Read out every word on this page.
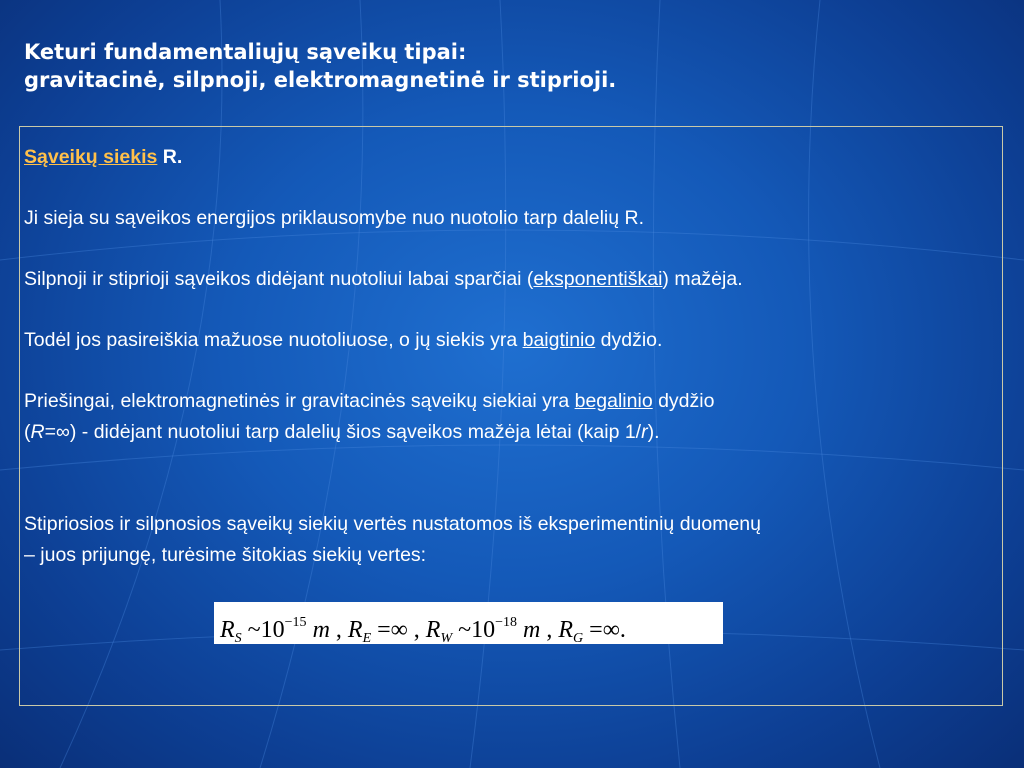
Keturi fundamentaliųjų sąveikų tipai:
gravitacinė, silpnoji, elektromagnetinė ir stiprioji.
Sąveikų siekis R.
Ji sieja su sąveikos energijos priklausomybe nuo nuotolio tarp dalelių R.
Silpnoji ir stiprioji sąveikos didėjant nuotoliui labai sparčiai (eksponentiškai) mažėja.
Todėl jos pasireiškia mažuose nuotoliuose, o jų siekis yra baigtinio dydžio.
Priešingai, elektromagnetinės ir gravitacinės sąveikų siekiai yra begalinio dydžio
(R=∞) - didėjant nuotoliui tarp dalelių šios sąveikos mažėja lėtai (kaip 1/r).
Stipriosios ir silpnosios sąveikų siekių vertės nustatomos iš eksperimentinių duomenų
– juos prijungę, turėsime šitokias siekių vertes:
$R_S$ $\sim 10^{-15}$ m , $R_E$ =∞ , $R_W$ $\sim 10^{-18}$ m , $R_G$ =∞.
